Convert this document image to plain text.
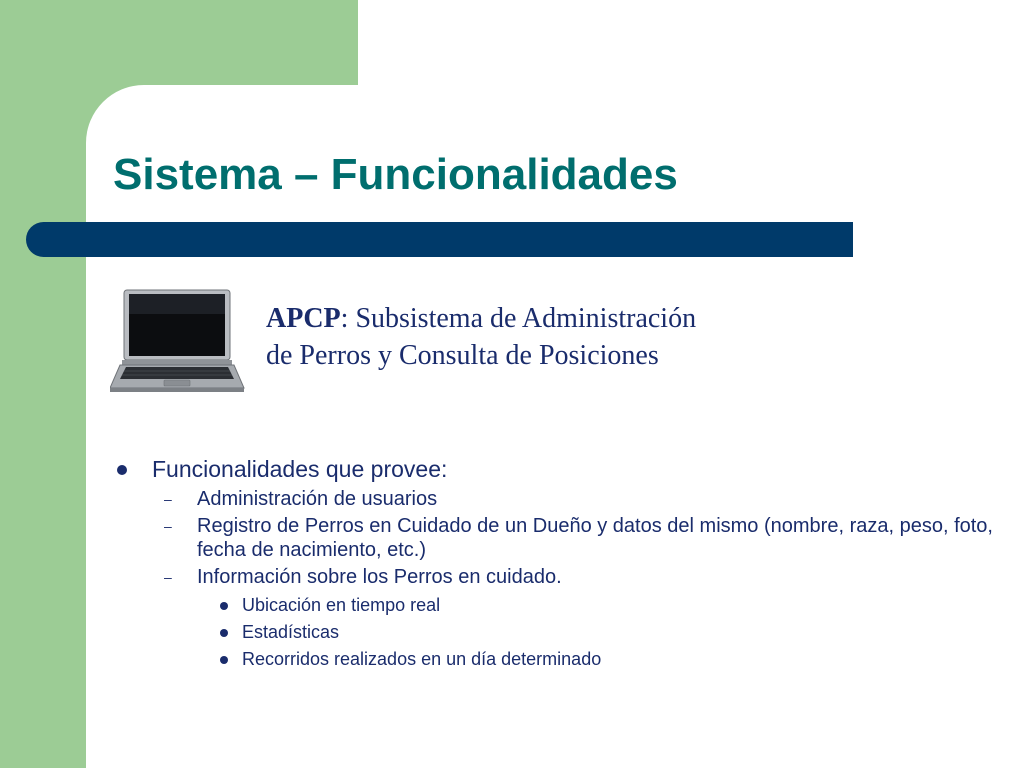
Sistema – Funcionalidades
APCP: Subsistema de Administración
de Perros y Consulta de Posiciones
Funcionalidades que provee:
– Administración de usuarios
– Registro de Perros en Cuidado de un Dueño y datos del mismo (nombre, raza, peso, foto, fecha de nacimiento, etc.)
– Información sobre los Perros en cuidado.
Ubicación en tiempo real
Estadísticas
Recorridos realizados en un día determinado
